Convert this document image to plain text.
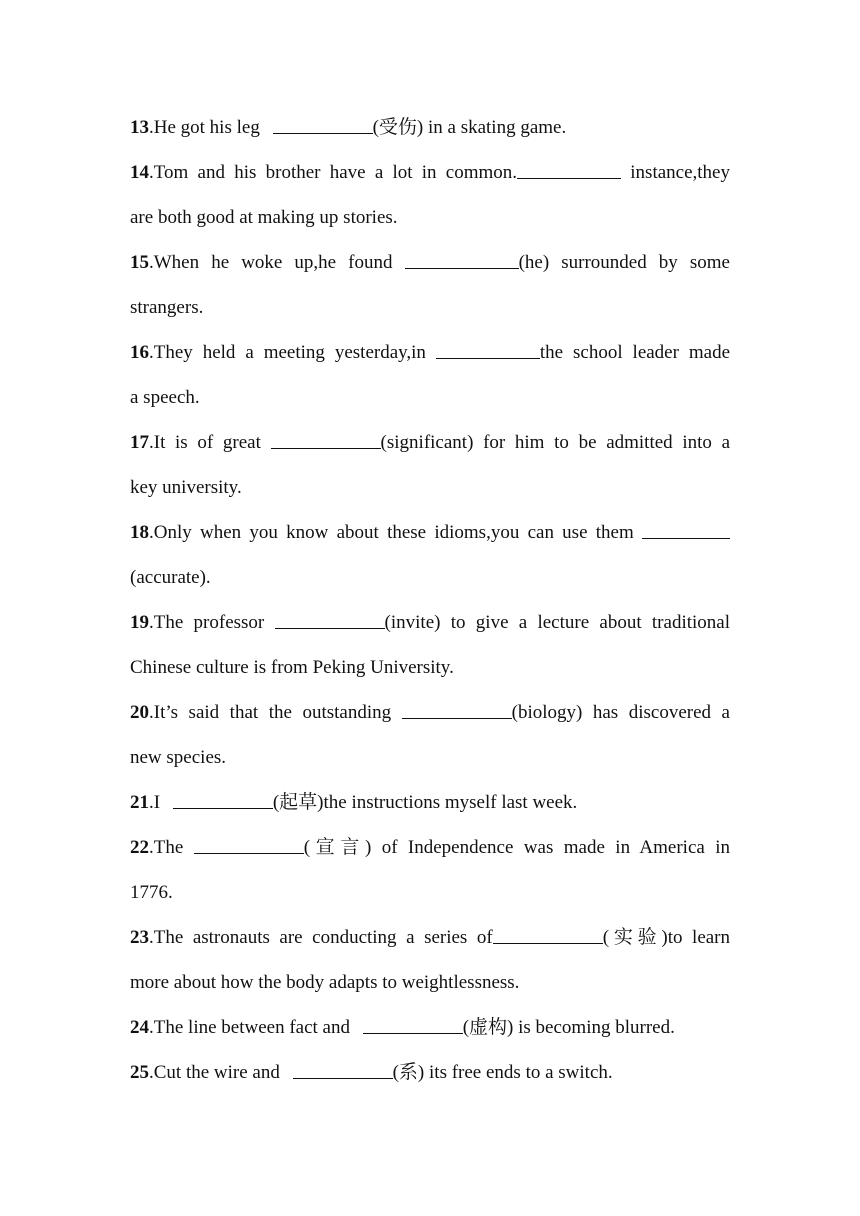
13.He got his leg	(受伤) in a skating game.
14.Tom and his brother have a lot in common.	instance,they
are both good at making up stories.
15.When he woke up,he found	(he) surrounded by some
strangers.
16.They held a meeting yesterday,in	the school leader made
a speech.
17.It is of great	(significant) for him to be admitted into a
key university.
18.Only when you know about these idioms,you can use them
(accurate).
19.The professor	(invite) to give a lecture about traditional
Chinese culture is from Peking University.
20.It’s said that the outstanding	(biology) has discovered a
new species.
21.I	(起草)the instructions myself last week.
22.The	(宣言) of Independence was made in America in
1776.
23.The astronauts are conducting a series of	(实验)to learn
more about how the body adapts to weightlessness.
24.The line between fact and	(虚构) is becoming blurred.
25.Cut the wire and	(系) its free ends to a switch.
